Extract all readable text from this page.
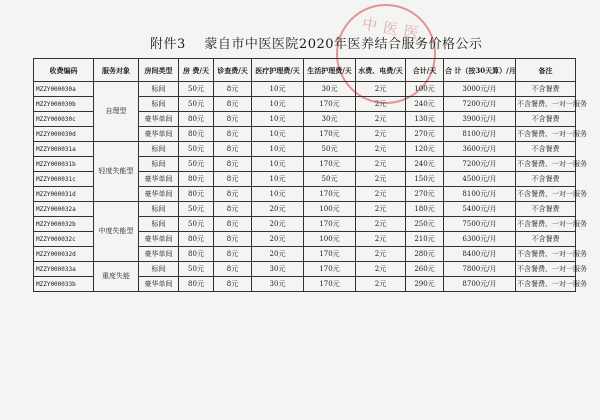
中医医
附件3 蒙自市中医医院2020年医养结合服务价格公示
收费编码	服务对象	房间类型	房 费/天	诊查费/天	医疗护理费/天	生活护理费/天	水费、电费/天	合计/天	合 计（按30天算）/月	备注
MZZY000030a	自理型	标间	50元	8元	10元	30元	2元	100元	3000元/月	不含餐费
MZZY000030b		标间	50元	8元	10元	170元	2元	240元	7200元/月	不含餐费、一对一服务
MZZY000030c		豪华单间	80元	8元	10元	30元	2元	130元	3900元/月	不含餐费
MZZY000030d		豪华单间	80元	8元	10元	170元	2元	270元	8100元/月	不含餐费、一对一服务
MZZY000031a	轻度失能型	标间	50元	8元	10元	50元	2元	120元	3600元/月	不含餐费
MZZY000031b		标间	50元	8元	10元	170元	2元	240元	7200元/月	不含餐费、一对一服务
MZZY000031c		豪华单间	80元	8元	10元	50元	2元	150元	4500元/月	不含餐费
MZZY000031d		豪华单间	80元	8元	10元	170元	2元	270元	8100元/月	不含餐费、一对一服务
MZZY000032a	中度失能型	标间	50元	8元	20元	100元	2元	180元	5400元/月	不含餐费
MZZY000032b		标间	50元	8元	20元	170元	2元	250元	7500元/月	不含餐费、一对一服务
MZZY000032c		豪华单间	80元	8元	20元	100元	2元	210元	6300元/月	不含餐费
MZZY000032d		豪华单间	80元	8元	20元	170元	2元	280元	8400元/月	不含餐费、一对一服务
MZZY000033a	重度失能	标间	50元	8元	30元	170元	2元	260元	7800元/月	不含餐费、一对一服务
MZZY000033b		豪华单间	80元	8元	30元	170元	2元	290元	8700元/月	不含餐费、一对一服务
